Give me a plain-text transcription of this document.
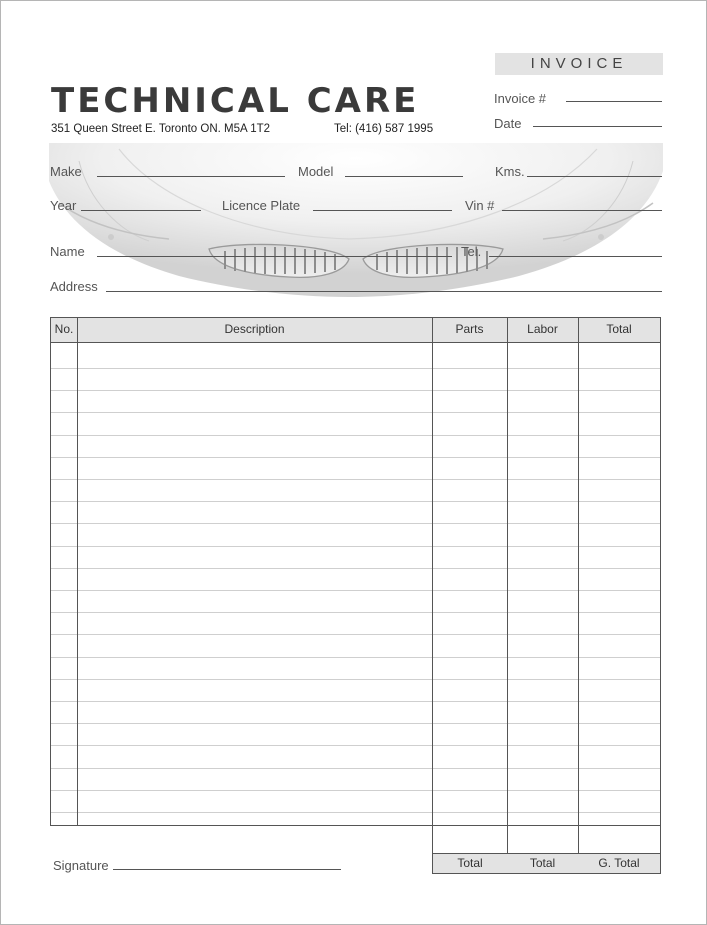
INVOICE
Invoice #
Date
TECHNICAL CARE
351 Queen Street E. Toronto ON. M5A 1T2	Tel: (416) 587 1995
Make	Model	Kms.
Year	Licence Plate	Vin #
Name	Tel.
Address
No.	Description	Parts	Labor	Total
Total	Total	G. Total
Signature
